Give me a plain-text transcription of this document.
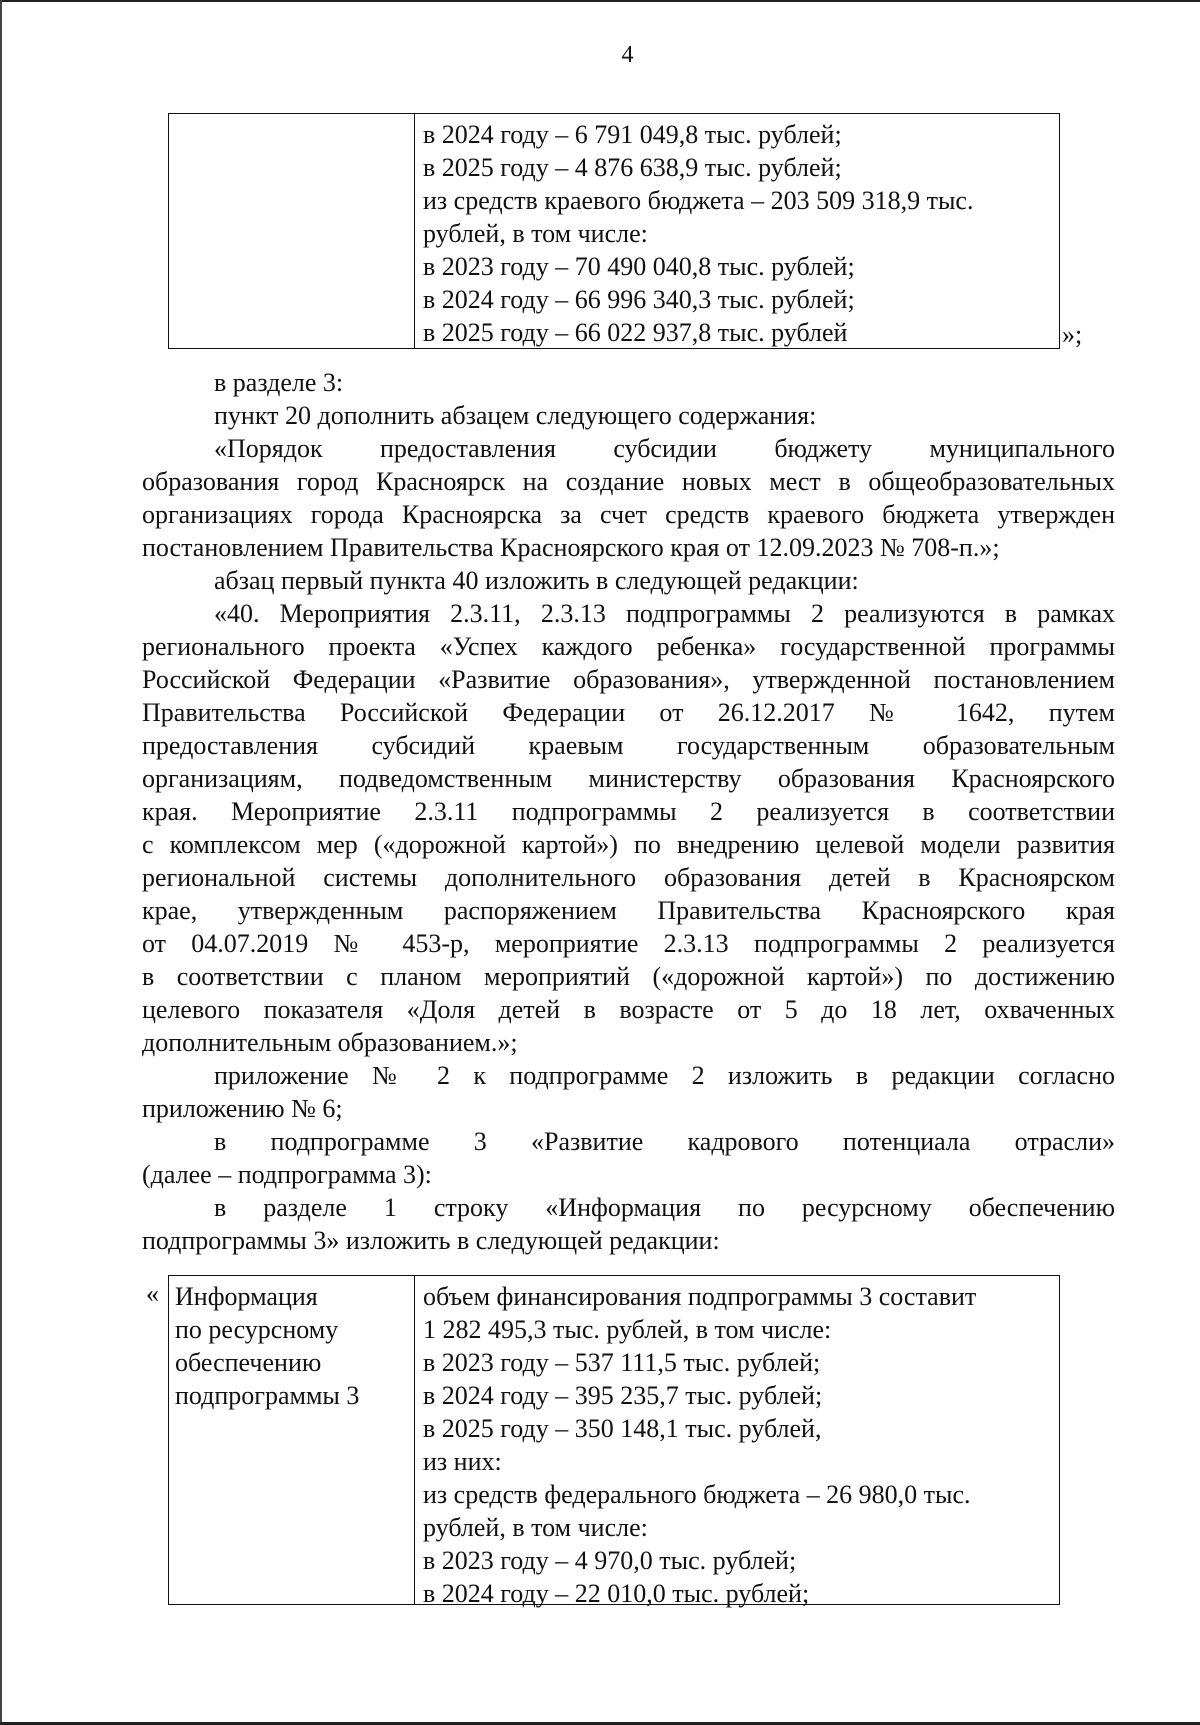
4
в 2024 году – 6 791 049,8 тыс. рублей;
в 2025 году – 4 876 638,9 тыс. рублей;
из средств краевого бюджета – 203 509 318,9 тыс.
рублей, в том числе:
в 2023 году – 70 490 040,8 тыс. рублей;
в 2024 году – 66 996 340,3 тыс. рублей;
в 2025 году – 66 022 937,8 тыс. рублей	»;
в разделе 3:
пункт 20 дополнить абзацем следующего содержания:
«Порядок предоставления субсидии бюджету муниципального
образования город Красноярск на создание новых мест в общеобразовательных
организациях города Красноярска за счет средств краевого бюджета утвержден
постановлением Правительства Красноярского края от 12.09.2023 № 708-п.»;
абзац первый пункта 40 изложить в следующей редакции:
«40. Мероприятия 2.3.11, 2.3.13 подпрограммы 2 реализуются в рамках
регионального проекта «Успех каждого ребенка» государственной программы
Российской Федерации «Развитие образования», утвержденной постановлением
Правительства Российской Федерации от 26.12.2017 № 1642, путем
предоставления субсидий краевым государственным образовательным
организациям, подведомственным министерству образования Красноярского
края. Мероприятие 2.3.11 подпрограммы 2 реализуется в соответствии
с комплексом мер («дорожной картой») по внедрению целевой модели развития
региональной системы дополнительного образования детей в Красноярском
крае, утвержденным распоряжением Правительства Красноярского края
от 04.07.2019 № 453-р, мероприятие 2.3.13 подпрограммы 2 реализуется
в соответствии с планом мероприятий («дорожной картой») по достижению
целевого показателя «Доля детей в возрасте от 5 до 18 лет, охваченных
дополнительным образованием.»;
приложение № 2 к подпрограмме 2 изложить в редакции согласно
приложению № 6;
в подпрограмме 3 «Развитие кадрового потенциала отрасли»
(далее – подпрограмма 3):
в разделе 1 строку «Информация по ресурсному обеспечению
подпрограммы 3» изложить в следующей редакции:
« Информация
по ресурсному
обеспечению
подпрограммы 3
объем финансирования подпрограммы 3 составит
1 282 495,3 тыс. рублей, в том числе:
в 2023 году – 537 111,5 тыс. рублей;
в 2024 году – 395 235,7 тыс. рублей;
в 2025 году – 350 148,1 тыс. рублей,
из них:
из средств федерального бюджета – 26 980,0 тыс.
рублей, в том числе:
в 2023 году – 4 970,0 тыс. рублей;
в 2024 году – 22 010,0 тыс. рублей;
